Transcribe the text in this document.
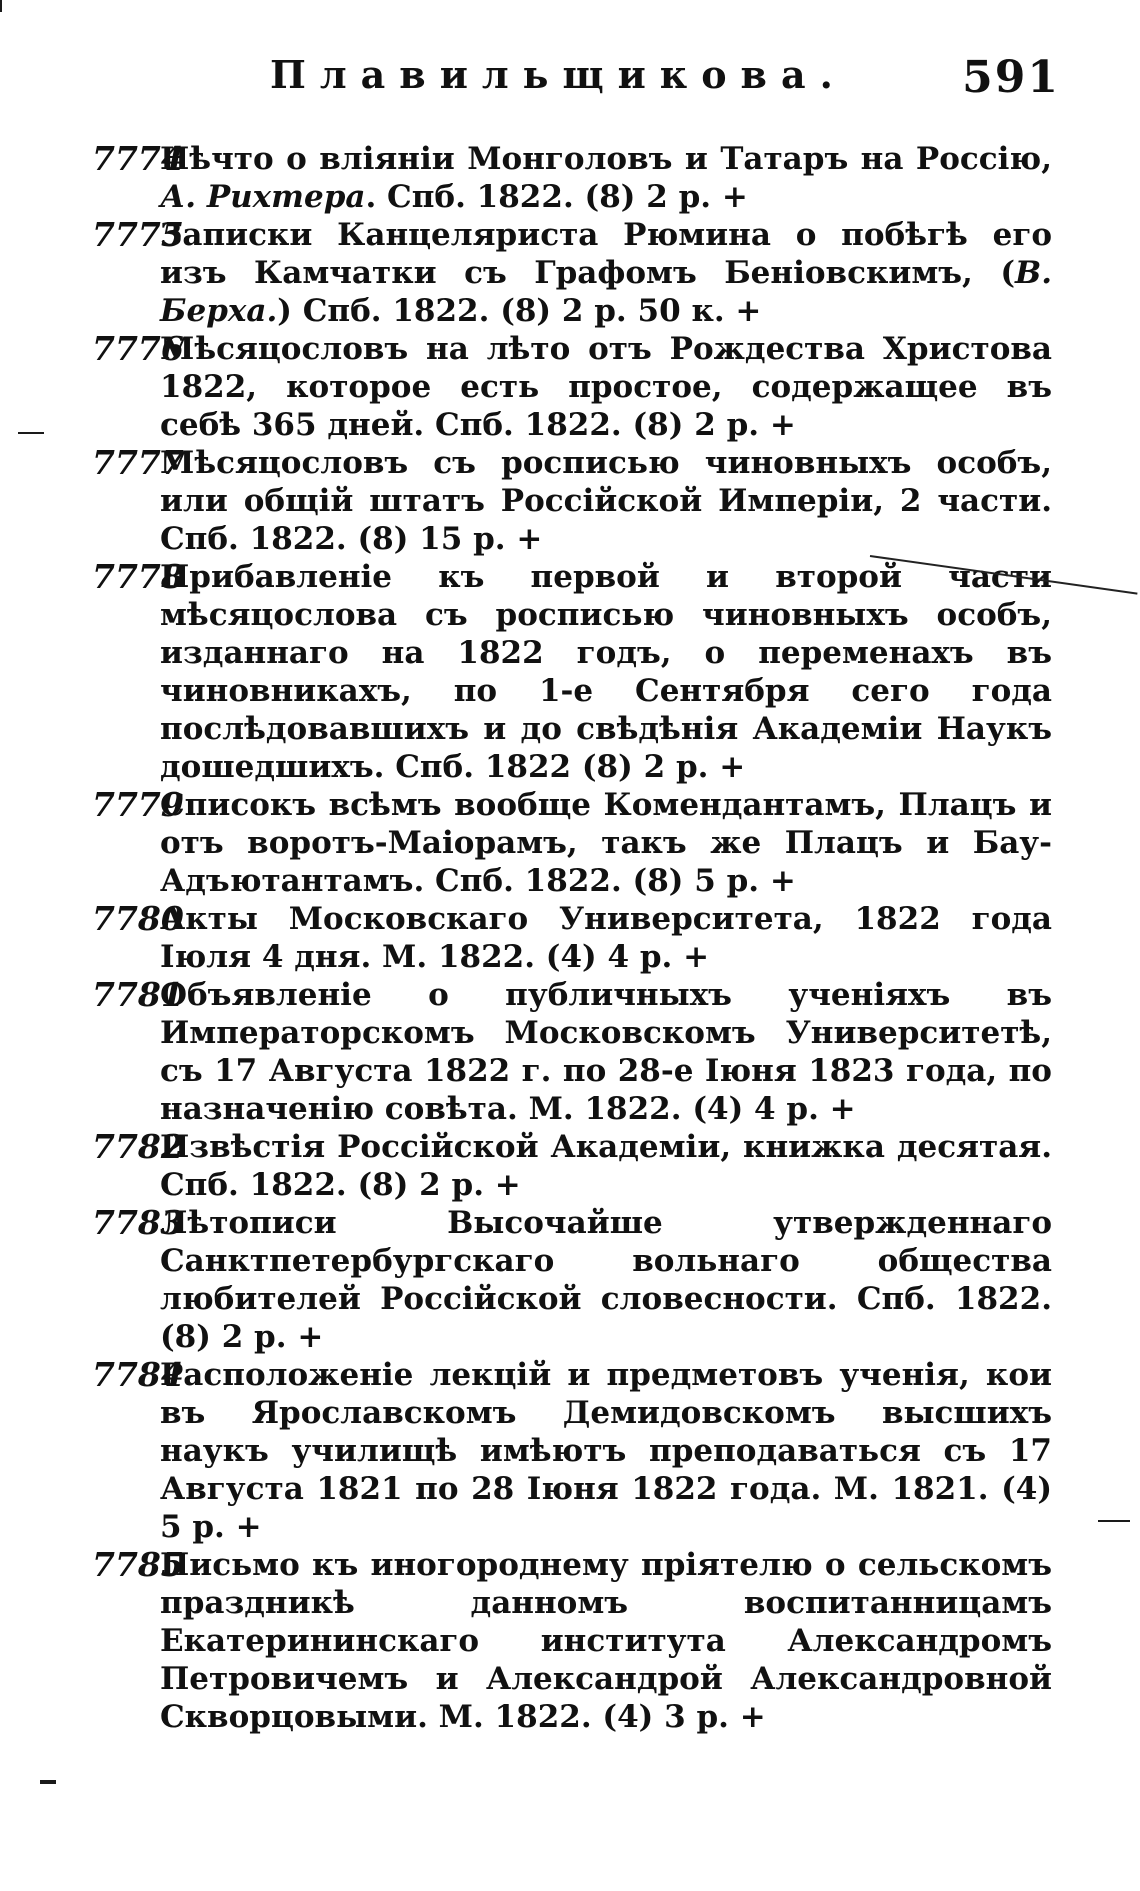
Плавильщикова.	591
7774
Нѣчто о вліяніи Монголовъ и Татаръ на Россію, А. Рихтера. Спб. 1822. (8) 2 р. +
7775
Записки Канцеляриста Рюмина о побѣгѣ его изъ Камчатки съ Графомъ Беніовскимъ, (В. Берха.) Спб. 1822. (8) 2 р. 50 к. +
7776
Мѣсяцословъ на лѣто отъ Рождества Христова 1822, которое есть простое, содержащее въ себѣ 365 дней. Спб. 1822. (8) 2 р. +
7777
Мѣсяцословъ съ росписью чиновныхъ особъ, или общій штатъ Россійской Имперіи, 2 части. Спб. 1822. (8) 15 р. +
7778
Прибавленіе къ первой и второй части мѣсяцослова съ росписью чиновныхъ особъ, изданнаго на 1822 годъ, о переменахъ въ чиновникахъ, по 1-е Сентября сего года послѣдовавшихъ и до свѣдѣнія Академіи Наукъ дошедшихъ. Спб. 1822 (8) 2 р. +
7779
Списокъ всѣмъ вообще Комендантамъ, Плацъ и отъ воротъ-Маіорамъ, такъ же Плацъ и Бау-Адъютантамъ. Спб. 1822. (8) 5 р. +
7780
Акты Московскаго Университета, 1822 года Іюля 4 дня. М. 1822. (4) 4 р. +
7781
Объявленіе о публичныхъ ученіяхъ въ Императорскомъ Московскомъ Университетѣ, съ 17 Августа 1822 г. по 28-е Іюня 1823 года, по назначенію совѣта. М. 1822. (4) 4 р. +
7782
Извѣстія Россійской Академіи, книжка десятая. Спб. 1822. (8) 2 р. +
7783
Лѣтописи Высочайше утвержденнаго Санктпетербургскаго вольнаго общества любителей Россійской словесности. Спб. 1822. (8) 2 р. +
7784
Расположеніе лекцій и предметовъ ученія, кои въ Ярославскомъ Демидовскомъ высшихъ наукъ училищѣ имѣютъ преподаваться съ 17 Августа 1821 по 28 Іюня 1822 года. М. 1821. (4) 5 р. +
7785
Письмо къ иногороднему пріятелю о сельскомъ праздникѣ данномъ воспитанницамъ Екатерининскаго института Александромъ Петровичемъ и Александрой Александровной Скворцовыми. М. 1822. (4) 3 р. +
